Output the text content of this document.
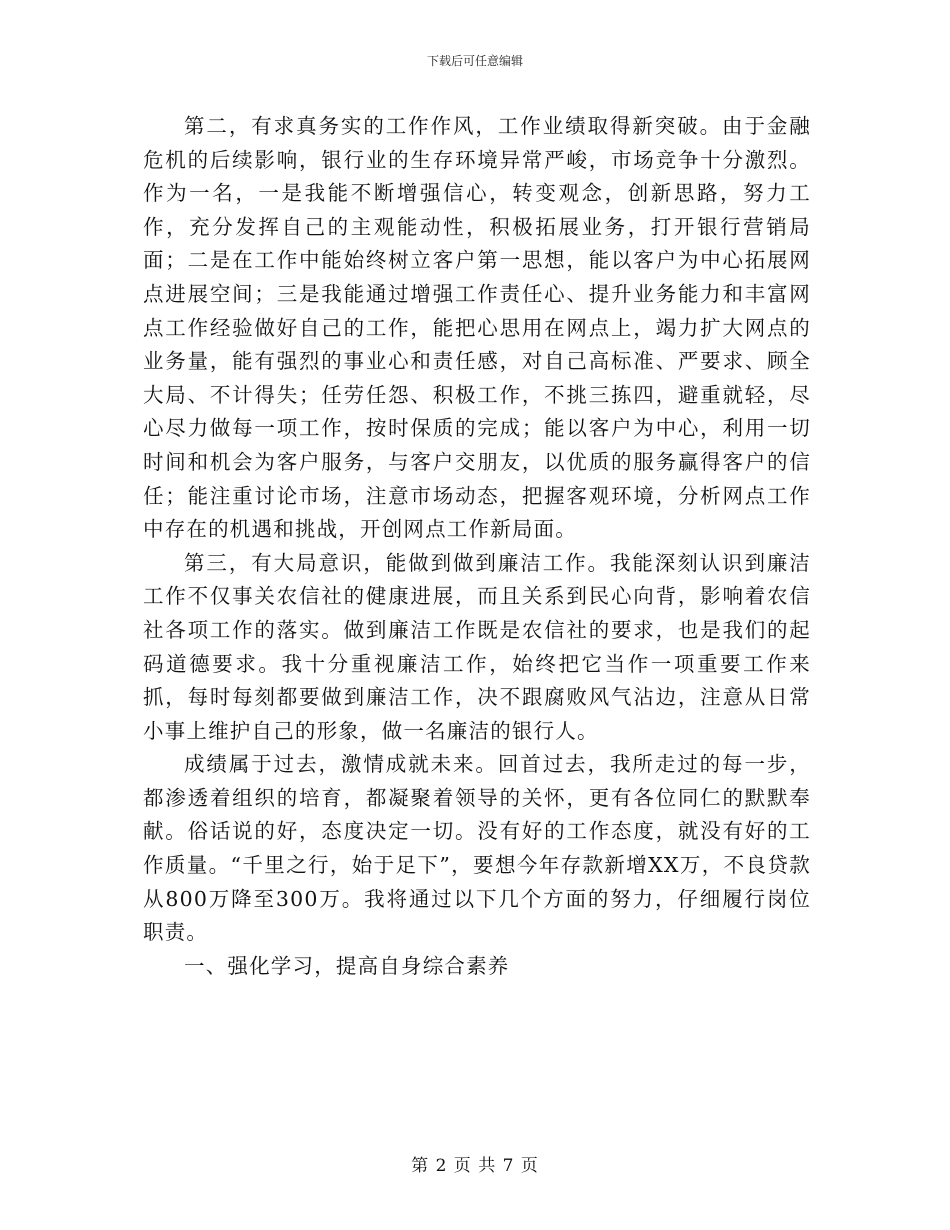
下载后可任意编辑

第二，有求真务实的工作作风，工作业绩取得新突破。由于金融危机的后续影响，银行业的生存环境异常严峻，市场竞争十分激烈。作为一名，一是我能不断增强信心，转变观念，创新思路，努力工作，充分发挥自己的主观能动性，积极拓展业务，打开银行营销局面；二是在工作中能始终树立客户第一思想，能以客户为中心拓展网点进展空间；三是我能通过增强工作责任心、提升业务能力和丰富网点工作经验做好自己的工作，能把心思用在网点上，竭力扩大网点的业务量，能有强烈的事业心和责任感，对自己高标准、严要求、顾全大局、不计得失；任劳任怨、积极工作，不挑三拣四，避重就轻，尽心尽力做每一项工作，按时保质的完成；能以客户为中心，利用一切时间和机会为客户服务，与客户交朋友，以优质的服务赢得客户的信任；能注重讨论市场，注意市场动态，把握客观环境，分析网点工作中存在的机遇和挑战，开创网点工作新局面。

第三，有大局意识，能做到做到廉洁工作。我能深刻认识到廉洁工作不仅事关农信社的健康进展，而且关系到民心向背，影响着农信社各项工作的落实。做到廉洁工作既是农信社的要求，也是我们的起码道德要求。我十分重视廉洁工作，始终把它当作一项重要工作来抓，每时每刻都要做到廉洁工作，决不跟腐败风气沾边，注意从日常小事上维护自己的形象，做一名廉洁的银行人。

成绩属于过去，激情成就未来。回首过去，我所走过的每一步，都渗透着组织的培育，都凝聚着领导的关怀，更有各位同仁的默默奉献。俗话说的好，态度决定一切。没有好的工作态度，就没有好的工作质量。“千里之行，始于足下”，要想今年存款新增XX万，不良贷款从800万降至300万。我将通过以下几个方面的努力，仔细履行岗位职责。

一、强化学习，提高自身综合素养

第 2 页 共 7 页
